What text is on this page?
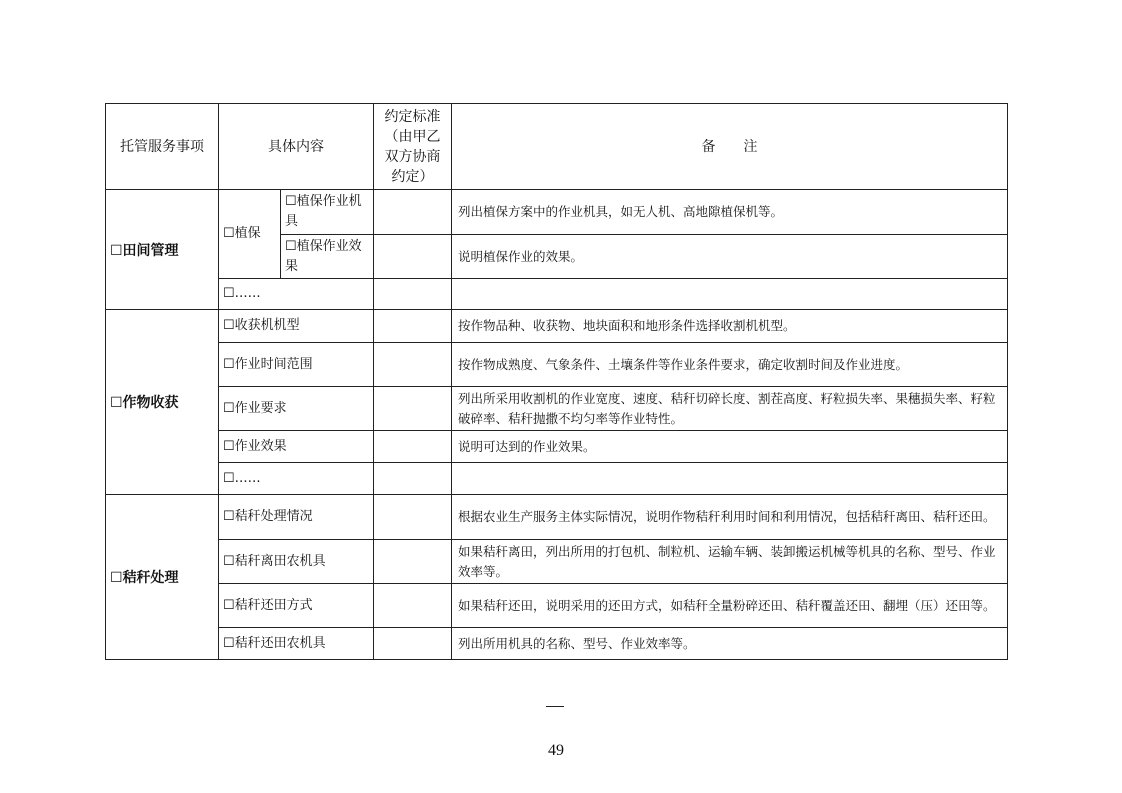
托管服务事项	具体内容		约定标准（由甲乙双方协商约定）	备　　注
☐田间管理	☐植保	☐植保作业机具		列出植保方案中的作业机具，如无人机、高地隙植保机等。
		☐植保作业效果		说明植保作业的效果。
	☐……			
☐作物收获	☐收获机机型			按作物品种、收获物、地块面积和地形条件选择收割机机型。
	☐作业时间范围			按作物成熟度、气象条件、土壤条件等作业条件要求，确定收割时间及作业进度。
	☐作业要求			列出所采用收割机的作业宽度、速度、秸秆切碎长度、割茬高度、籽粒损失率、果穗损失率、籽粒破碎率、秸秆抛撒不均匀率等作业特性。
	☐作业效果			说明可达到的作业效果。
	☐……			
☐秸秆处理	☐秸秆处理情况			根据农业生产服务主体实际情况，说明作物秸秆利用时间和利用情况，包括秸秆离田、秸秆还田。
	☐秸秆离田农机具			如果秸秆离田，列出所用的打包机、制粒机、运输车辆、装卸搬运机械等机具的名称、型号、作业效率等。
	☐秸秆还田方式			如果秸秆还田，说明采用的还田方式，如秸秆全量粉碎还田、秸秆覆盖还田、翻埋（压）还田等。
	☐秸秆还田农机具			列出所用机具的名称、型号、作业效率等。
49
